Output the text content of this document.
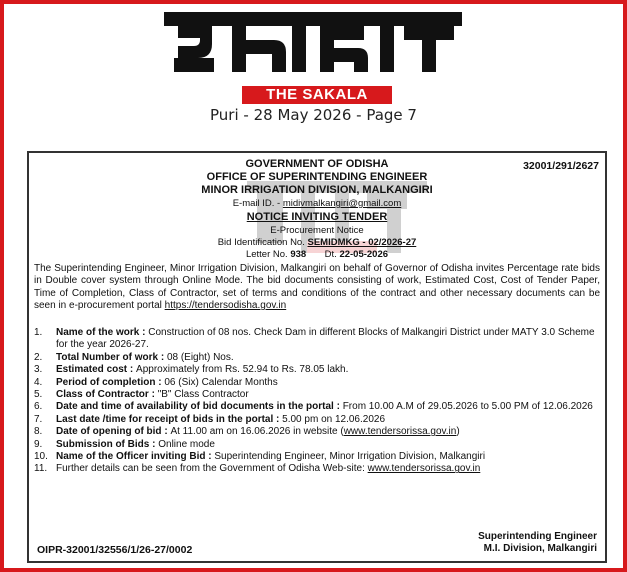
THE SAKALA
Puri - 28 May 2026 - Page 7
32001/291/2627
GOVERNMENT OF ODISHA
OFFICE OF SUPERINTENDING ENGINEER
MINOR IRRIGATION DIVISION, MALKANGIRI
E-mail ID. - midivmalkangiri@gmail.com
NOTICE INVITING TENDER
E-Procurement Notice
Bid Identification No. SEMIDMKG - 02/2026-27
Letter No. 938 Dt. 22-05-2026
The Superintending Engineer, Minor Irrigation Division, Malkangiri on behalf of Governor of Odisha invites Percentage rate bids in Double cover system through Online Mode. The bid documents consisting of work, Estimated Cost, Cost of Tender Paper, Time of Completion, Class of Contractor, set of terms and conditions of the contract and other necessary documents can be seen in e-procurement portal https://tendersodisha.gov.in
1.	Name of the work : Construction of 08 nos. Check Dam in different Blocks of Malkangiri District under MATY 3.0 Scheme for the year 2026-27.
2.	Total Number of work : 08 (Eight) Nos.
3.	Estimated cost : Approximately from Rs. 52.94 to Rs. 78.05 lakh.
4.	Period of completion : 06 (Six) Calendar Months
5.	Class of Contractor : "B" Class Contractor
6.	Date and time of availability of bid documents in the portal : From 10.00 A.M of 29.05.2026 to 5.00 PM of 12.06.2026
7.	Last date /time for receipt of bids in the portal : 5.00 pm on 12.06.2026
8.	Date of opening of bid : At 11.00 am on 16.06.2026 in website (www.tendersorissa.gov.in)
9.	Submission of Bids : Online mode
10. Name of the Officer inviting Bid : Superintending Engineer, Minor Irrigation Division, Malkangiri
11. Further details can be seen from the Government of Odisha Web-site: www.tendersorissa.gov.in
Superintending Engineer
M.I. Division, Malkangiri
OIPR-32001/32556/1/26-27/0002
